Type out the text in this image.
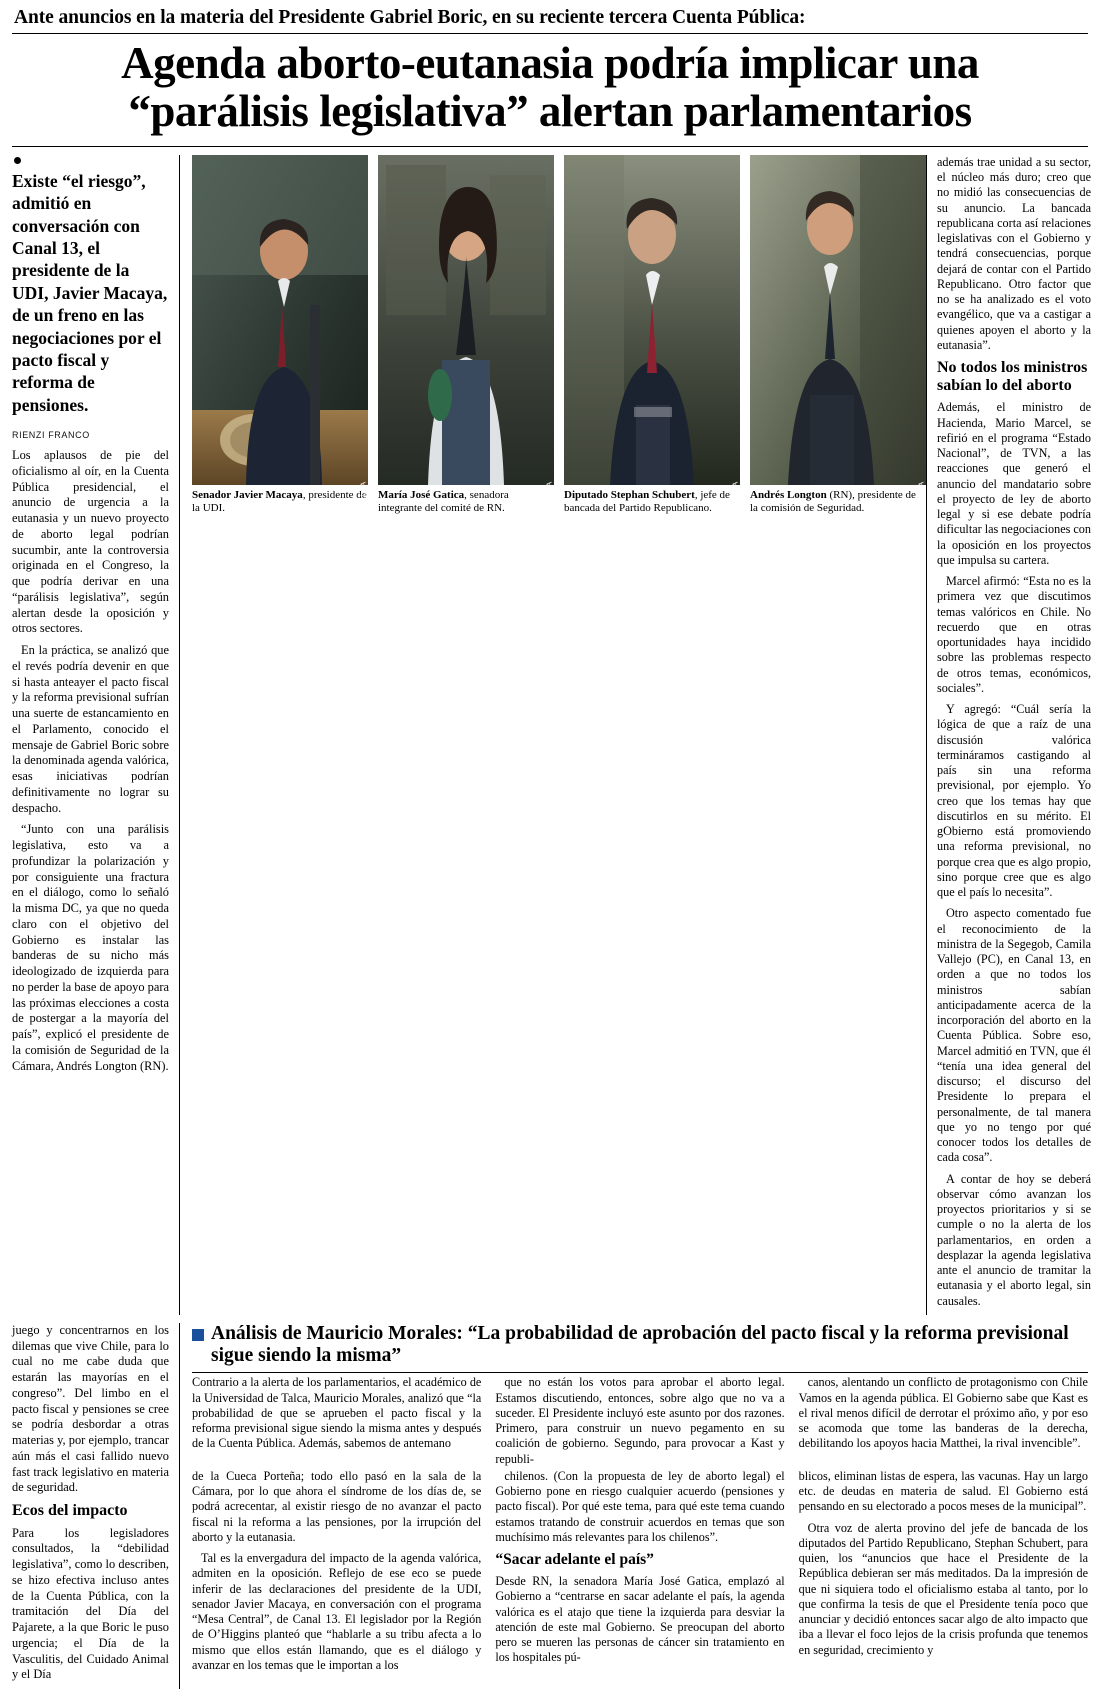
Ante anuncios en la materia del Presidente Gabriel Boric, en su reciente tercera Cuenta Pública:
Agenda aborto-eutanasia podría implicar una
“parálisis legislativa” alertan parlamentarios
Existe “el riesgo”, admitió en conversación con Canal 13, el presidente de la UDI, Javier Macaya, de un freno en las negociaciones por el pacto fiscal y reforma de pensiones.
RIENZI FRANCO

Los aplausos de pie del oficialismo al oír, en la Cuenta Pública presidencial, el anuncio de urgencia a la eutanasia y un nuevo proyecto de aborto legal podrían sucumbir, ante la controversia originada en el Congreso, la que podría derivar en una “parálisis legislativa”, según alertan desde la oposición y otros sectores.

En la práctica, se analizó que el revés podría devenir en que si hasta anteayer el pacto fiscal y la reforma previsional sufrían una suerte de estancamiento en el Parlamento, conocido el mensaje de Gabriel Boric sobre la denominada agenda valórica, esas iniciativas podrían definitivamente no lograr su despacho.

“Junto con una parálisis legislativa, esto va a profundizar la polarización y por consiguiente una fractura en el diálogo, como lo señaló la misma DC, ya que no queda claro con el objetivo del Gobierno es instalar las banderas de su nicho más ideologizado de izquierda para no perder la base de apoyo para las próximas elecciones a costa de postergar a la mayoría del país”, explicó el presidente de la comisión de Seguridad de la Cámara, Andrés Longton (RN).

JONATHAN MANCILLA
Senador Javier Macaya, presidente de la UDI.	JONATHAN MANCILLA
María José Gatica, senadora integrante del comité de RN.	JONATHAN MANCILLA
Diputado Stephan Schubert, jefe de bancada del Partido Republicano.	JONATHAN MANCILLA
Andrés Longton (RN), presidente de la comisión de Seguridad.

además trae unidad a su sector, el núcleo más duro; creo que no midió las consecuencias de su anuncio. La bancada republicana corta así relaciones legislativas con el Gobierno y tendrá consecuencias, porque dejará de contar con el Partido Republicano. Otro factor que no se ha analizado es el voto evangélico, que va a castigar a quienes apoyen el aborto y la eutanasia”.

No todos los ministros sabían lo del aborto

Además, el ministro de Hacienda, Mario Marcel, se refirió en el programa “Estado Nacional”, de TVN, a las reacciones que generó el anuncio del mandatario sobre el proyecto de ley de aborto legal y si ese debate podría dificultar las negociaciones con la oposición en los proyectos que impulsa su cartera.

Marcel afirmó: “Esta no es la primera vez que discutimos temas valóricos en Chile. No recuerdo que en otras oportunidades haya incidido sobre las problemas respecto de otros temas, económicos, sociales”.

Y agregó: “Cuál sería la lógica de que a raíz de una discusión valórica termináramos castigando al país sin una reforma previsional, por ejemplo. Yo creo que los temas hay que discutirlos en su mérito. El gObierno está promoviendo una reforma previsional, no porque crea que es algo propio, sino porque cree que es algo que el país lo necesita”.

Otro aspecto comentado fue el reconocimiento de la ministra de la Segegob, Camila Vallejo (PC), en Canal 13, en orden a que no todos los ministros sabían anticipadamente acerca de la incorporación del aborto en la Cuenta Pública. Sobre eso, Marcel admitió en TVN, que él “tenía una idea general del discurso; el discurso del Presidente lo prepara el personalmente, de tal manera que yo no tengo por qué conocer todos los detalles de cada cosa”.

A contar de hoy se deberá observar cómo avanzan los proyectos prioritarios y si se cumple o no la alerta de los parlamentarios, en orden a desplazar la agenda legislativa ante el anuncio de tramitar la eutanasia y el aborto legal, sin causales.

juego y concentrarnos en los dilemas que vive Chile, para lo cual no me cabe duda que estarán las mayorías en el congreso”. Del limbo en el pacto fiscal y pensiones se cree se podría desbordar a otras materias y, por ejemplo, trancar aún más el casi fallido nuevo fast track legislativo en materia de seguridad.

Ecos del impacto

Para los legisladores consultados, la “debilidad legislativa”, como lo describen, se hizo efectiva incluso antes de la Cuenta Pública, con la tramitación del Día del Pajarete, a la que Boric le puso urgencia; el Día de la Vasculitis, del Cuidado Animal y el Día

Análisis de Mauricio Morales: “La probabilidad de aprobación del pacto fiscal y la reforma previsional sigue siendo la misma”

Contrario a la alerta de los parlamentarios, el académico de la Universidad de Talca, Mauricio Morales, analizó que “la probabilidad de que se aprueben el pacto fiscal y la reforma previsional sigue siendo la misma antes y después de la Cuenta Pública. Además, sabemos de antemano

que no están los votos para aprobar el aborto legal. Estamos discutiendo, entonces, sobre algo que no va a suceder. El Presidente incluyó este asunto por dos razones. Primero, para construir un nuevo pegamento en su coalición de gobierno. Segundo, para provocar a Kast y republi-

canos, alentando un conflicto de protagonismo con Chile Vamos en la agenda pública. El Gobierno sabe que Kast es el rival menos difícil de derrotar el próximo año, y por eso se acomoda que tome las banderas de la derecha, debilitando los apoyos hacia Matthei, la rival invencible”.

de la Cueca Porteña; todo ello pasó en la sala de la Cámara, por lo que ahora el síndrome de los días de, se podrá acrecentar, al existir riesgo de no avanzar el pacto fiscal ni la reforma a las pensiones, por la irrupción del aborto y la eutanasia.

Tal es la envergadura del impacto de la agenda valórica, admiten en la oposición. Reflejo de ese eco se puede inferir de las declaraciones del presidente de la UDI, senador Javier Macaya, en conversación con el programa “Mesa Central”, de Canal 13. El legislador por la Región de O’Higgins planteó que “hablarle a su tribu afecta a lo mismo que ellos están llamando, que es el diálogo y avanzar en los temas que le importan a los

chilenos. (Con la propuesta de ley de aborto legal) el Gobierno pone en riesgo cualquier acuerdo (pensiones y pacto fiscal). Por qué este tema, para qué este tema cuando estamos tratando de construir acuerdos en temas que son muchísimo más relevantes para los chilenos”.

“Sacar adelante el país”

Desde RN, la senadora María José Gatica, emplazó al Gobierno a “centrarse en sacar adelante el país, la agenda valórica es el atajo que tiene la izquierda para desviar la atención de este mal Gobierno. Se preocupan del aborto pero se mueren las personas de cáncer sin tratamiento en los hospitales pú-

blicos, eliminan listas de espera, las vacunas. Hay un largo etc. de deudas en materia de salud. El Gobierno está pensando en su electorado a pocos meses de la municipal”.

Otra voz de alerta provino del jefe de bancada de los diputados del Partido Republicano, Stephan Schubert, para quien, los “anuncios que hace el Presidente de la República debieran ser más meditados. Da la impresión de que ni siquiera todo el oficialismo estaba al tanto, por lo que confirma la tesis de que el Presidente tenía poco que anunciar y decidió entonces sacar algo de alto impacto que iba a llevar el foco lejos de la crisis profunda que tenemos en seguridad, crecimiento y
